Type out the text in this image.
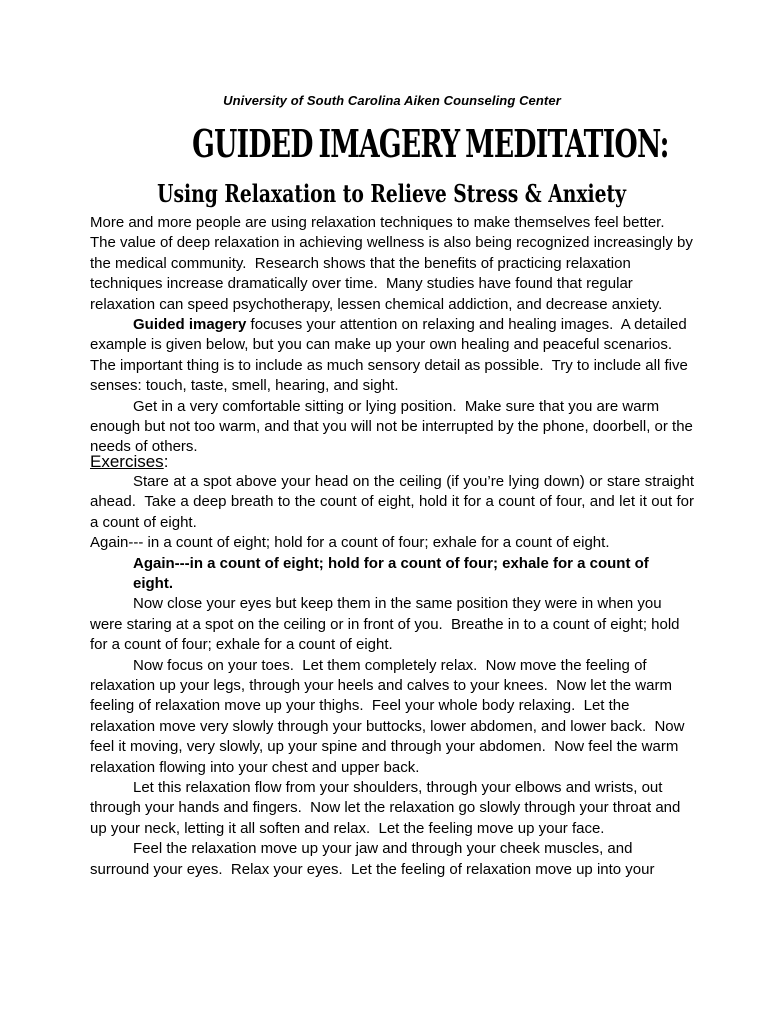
University of South Carolina Aiken Counseling Center
GUIDED IMAGERY MEDITATION:
Using Relaxation to Relieve Stress & Anxiety

More and more people are using relaxation techniques to make themselves feel better.  The value of deep relaxation in achieving wellness is also being recognized increasingly by the medical community.  Research shows that the benefits of practicing relaxation techniques increase dramatically over time.  Many studies have found that regular relaxation can speed psychotherapy, lessen chemical addiction, and decrease anxiety.

Guided imagery focuses your attention on relaxing and healing images.  A detailed example is given below, but you can make up your own healing and peaceful scenarios.  The important thing is to include as much sensory detail as possible.  Try to include all five senses: touch, taste, smell, hearing, and sight.

Get in a very comfortable sitting or lying position.  Make sure that you are warm enough but not too warm, and that you will not be interrupted by the phone, doorbell, or the needs of others.

Exercises:

Stare at a spot above your head on the ceiling (if you’re lying down) or stare straight ahead.  Take a deep breath to the count of eight, hold it for a count of four, and let it out for a count of eight.

Again--- in a count of eight; hold for a count of four; exhale for a count of eight.
Again---in a count of eight; hold for a count of four; exhale for a count of
eight.

Now close your eyes but keep them in the same position they were in when you were staring at a spot on the ceiling or in front of you.  Breathe in to a count of eight; hold for a count of four; exhale for a count of eight.

Now focus on your toes.  Let them completely relax.  Now move the feeling of relaxation up your legs, through your heels and calves to your knees.  Now let the warm feeling of relaxation move up your thighs.  Feel your whole body relaxing.  Let the relaxation move very slowly through your buttocks, lower abdomen, and lower back.  Now feel it moving, very slowly, up your spine and through your abdomen.  Now feel the warm relaxation flowing into your chest and upper back.

Let this relaxation flow from your shoulders, through your elbows and wrists, out through your hands and fingers.  Now let the relaxation go slowly through your throat and up your neck, letting it all soften and relax.  Let the feeling move up your face.

Feel the relaxation move up your jaw and through your cheek muscles, and surround your eyes.  Relax your eyes.  Let the feeling of relaxation move up into your
